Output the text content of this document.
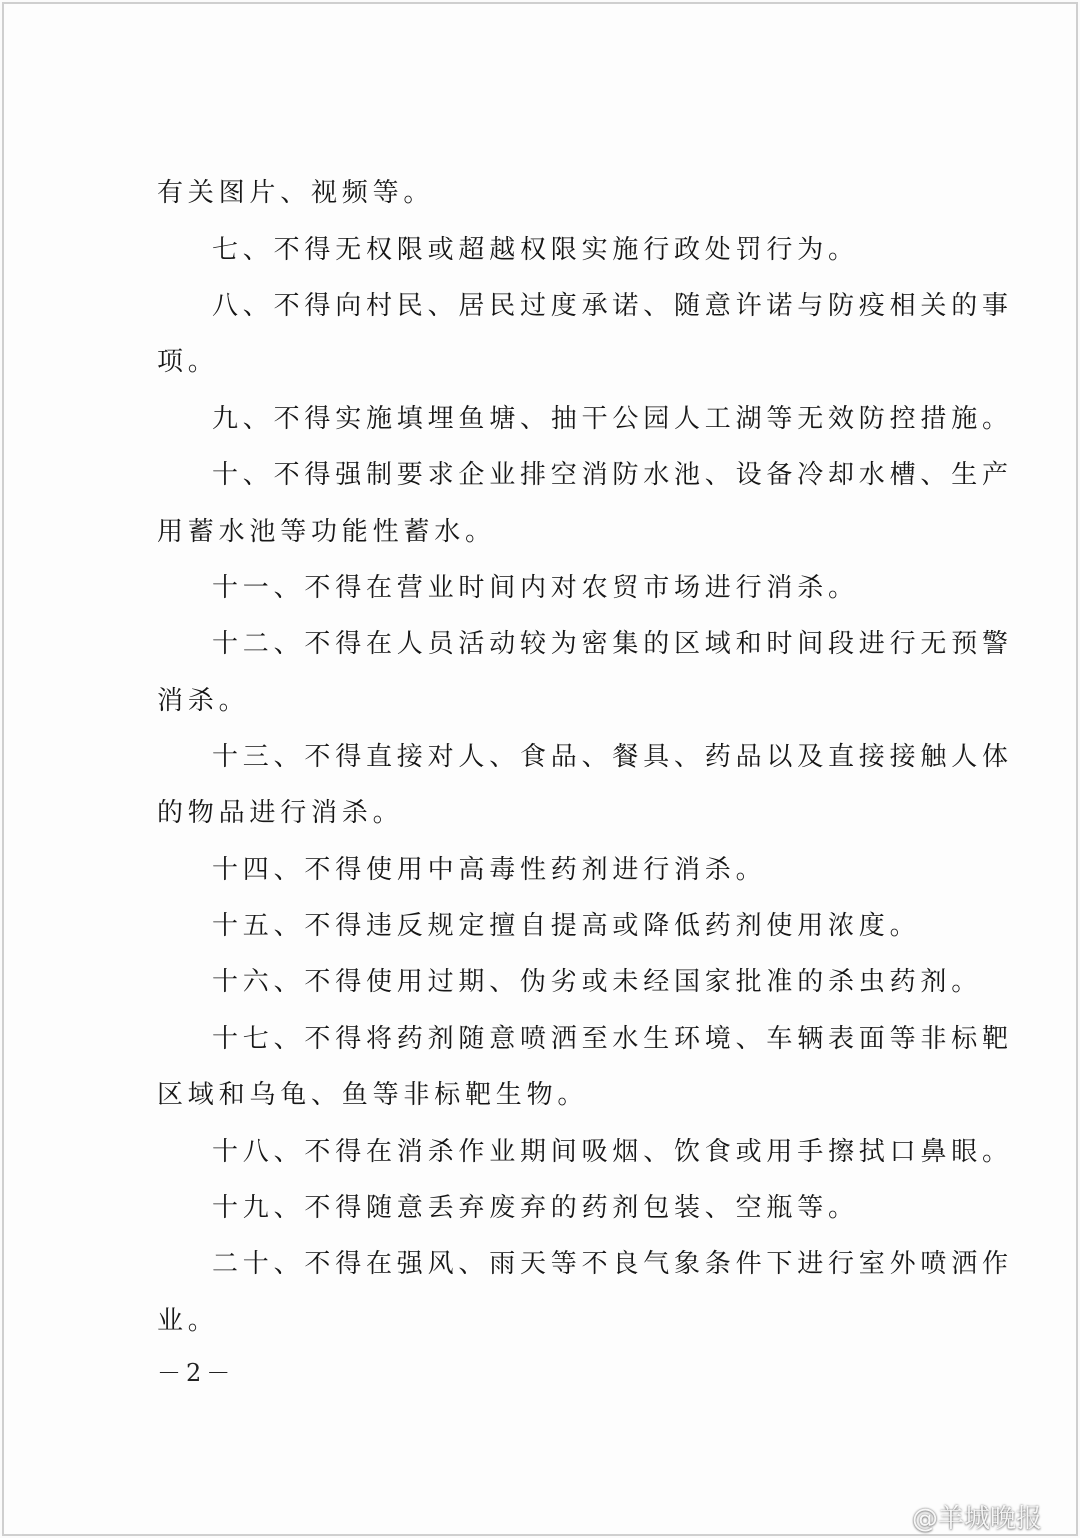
有关图片、视频等。
七、不得无权限或超越权限实施行政处罚行为。
八、不得向村民、居民过度承诺、随意许诺与防疫相关的事
项。
九、不得实施填埋鱼塘、抽干公园人工湖等无效防控措施。
十、不得强制要求企业排空消防水池、设备冷却水槽、生产
用蓄水池等功能性蓄水。
十一、不得在营业时间内对农贸市场进行消杀。
十二、不得在人员活动较为密集的区域和时间段进行无预警
消杀。
十三、不得直接对人、食品、餐具、药品以及直接接触人体
的物品进行消杀。
十四、不得使用中高毒性药剂进行消杀。
十五、不得违反规定擅自提高或降低药剂使用浓度。
十六、不得使用过期、伪劣或未经国家批准的杀虫药剂。
十七、不得将药剂随意喷洒至水生环境、车辆表面等非标靶
区域和乌龟、鱼等非标靶生物。
十八、不得在消杀作业期间吸烟、饮食或用手擦拭口鼻眼。
十九、不得随意丢弃废弃的药剂包装、空瓶等。
二十、不得在强风、雨天等不良气象条件下进行室外喷洒作
业。
－2－
@羊城晚报
